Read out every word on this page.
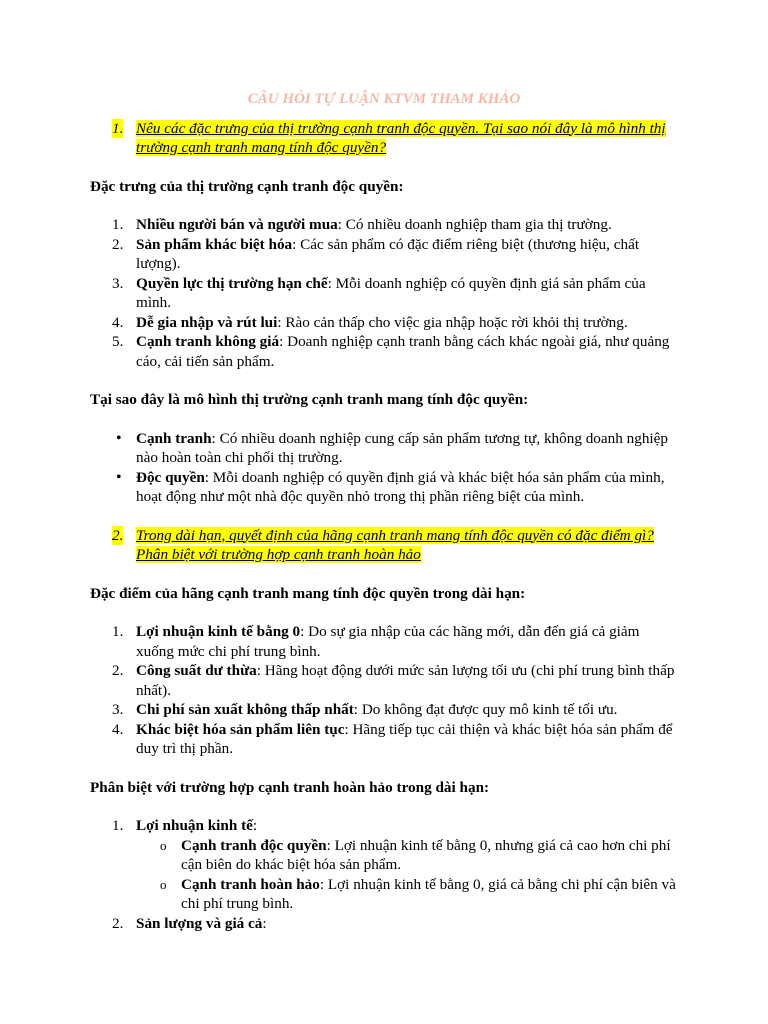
CÂU HỎI TỰ LUẬN KTVM THAM KHẢO
1. Nêu các đặc trưng của thị trường cạnh tranh độc quyền. Tại sao nói đây là mô hình thị trường cạnh tranh mang tính độc quyền?

Đặc trưng của thị trường cạnh tranh độc quyền:

1. Nhiều người bán và người mua: Có nhiều doanh nghiệp tham gia thị trường.
2. Sản phẩm khác biệt hóa: Các sản phẩm có đặc điểm riêng biệt (thương hiệu, chất lượng).
3. Quyền lực thị trường hạn chế: Mỗi doanh nghiệp có quyền định giá sản phẩm của mình.
4. Dễ gia nhập và rút lui: Rào cản thấp cho việc gia nhập hoặc rời khỏi thị trường.
5. Cạnh tranh không giá: Doanh nghiệp cạnh tranh bằng cách khác ngoài giá, như quảng cáo, cải tiến sản phẩm.

Tại sao đây là mô hình thị trường cạnh tranh mang tính độc quyền:

• Cạnh tranh: Có nhiều doanh nghiệp cung cấp sản phẩm tương tự, không doanh nghiệp nào hoàn toàn chi phối thị trường.
• Độc quyền: Mỗi doanh nghiệp có quyền định giá và khác biệt hóa sản phẩm của mình, hoạt động như một nhà độc quyền nhỏ trong thị phần riêng biệt của mình.
2. Trong dài hạn, quyết định của hãng cạnh tranh mang tính độc quyền có đặc điểm gì? Phân biệt với trường hợp cạnh tranh hoàn hảo

Đặc điểm của hãng cạnh tranh mang tính độc quyền trong dài hạn:

1. Lợi nhuận kinh tế bằng 0: Do sự gia nhập của các hãng mới, dẫn đến giá cả giảm xuống mức chi phí trung bình.
2. Công suất dư thừa: Hãng hoạt động dưới mức sản lượng tối ưu (chi phí trung bình thấp nhất).
3. Chi phí sản xuất không thấp nhất: Do không đạt được quy mô kinh tế tối ưu.
4. Khác biệt hóa sản phẩm liên tục: Hãng tiếp tục cải thiện và khác biệt hóa sản phẩm để duy trì thị phần.

Phân biệt với trường hợp cạnh tranh hoàn hảo trong dài hạn:

1. Lợi nhuận kinh tế:
o Cạnh tranh độc quyền: Lợi nhuận kinh tế bằng 0, nhưng giá cả cao hơn chi phí cận biên do khác biệt hóa sản phẩm.
o Cạnh tranh hoàn hảo: Lợi nhuận kinh tế bằng 0, giá cả bằng chi phí cận biên và chi phí trung bình.
2. Sản lượng và giá cả:
